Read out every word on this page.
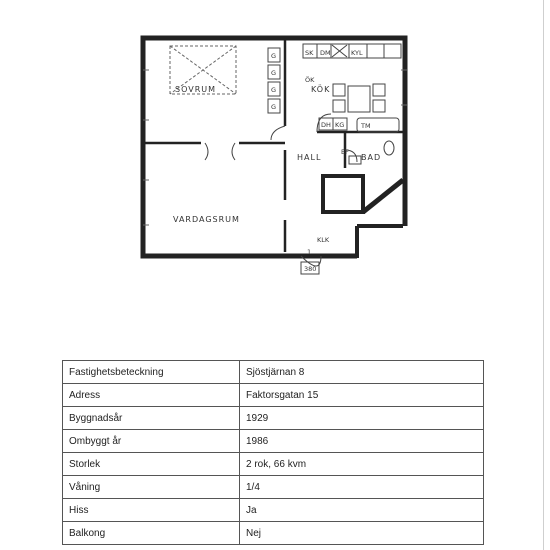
SOVRUM
VARDAGSRUM
KÖK
HALL	BAD
KLK
G
G
G
G
SK DM	KYL
DH KG
EF
TM
ÖK
1
380
Fastighetsbeteckning	Sjöstjärnan 8
Adress	Faktorsgatan 15
Byggnadsår	1929
Ombyggt år	1986
Storlek	2 rok, 66 kvm
Våning	1/4
Hiss	Ja
Balkong	Nej
